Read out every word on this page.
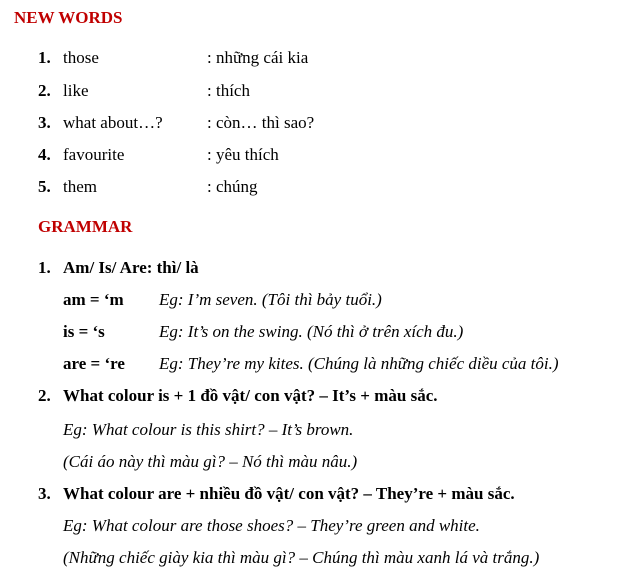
NEW WORDS
1. those	: những cái kia
2. like	: thích
3. what about…?	: còn… thì sao?
4. favourite	: yêu thích
5. them	: chúng
GRAMMAR
1. Am/ Is/ Are: thì/ là
am = ‘m Eg: I’m seven. (Tôi thì bảy tuổi.)
is = ‘s	Eg: It’s on the swing. (Nó thì ở trên xích đu.)
are = ‘re Eg: They’re my kites. (Chúng là những chiếc diều của tôi.)
2. What colour is + 1 đồ vật/ con vật? – It’s + màu sắc.
Eg: What colour is this shirt? – It’s brown.
(Cái áo này thì màu gì? – Nó thì màu nâu.)
3. What colour are + nhiều đồ vật/ con vật? – They’re + màu sắc.
Eg: What colour are those shoes? – They’re green and white.
(Những chiếc giày kia thì màu gì? – Chúng thì màu xanh lá và trắng.)
